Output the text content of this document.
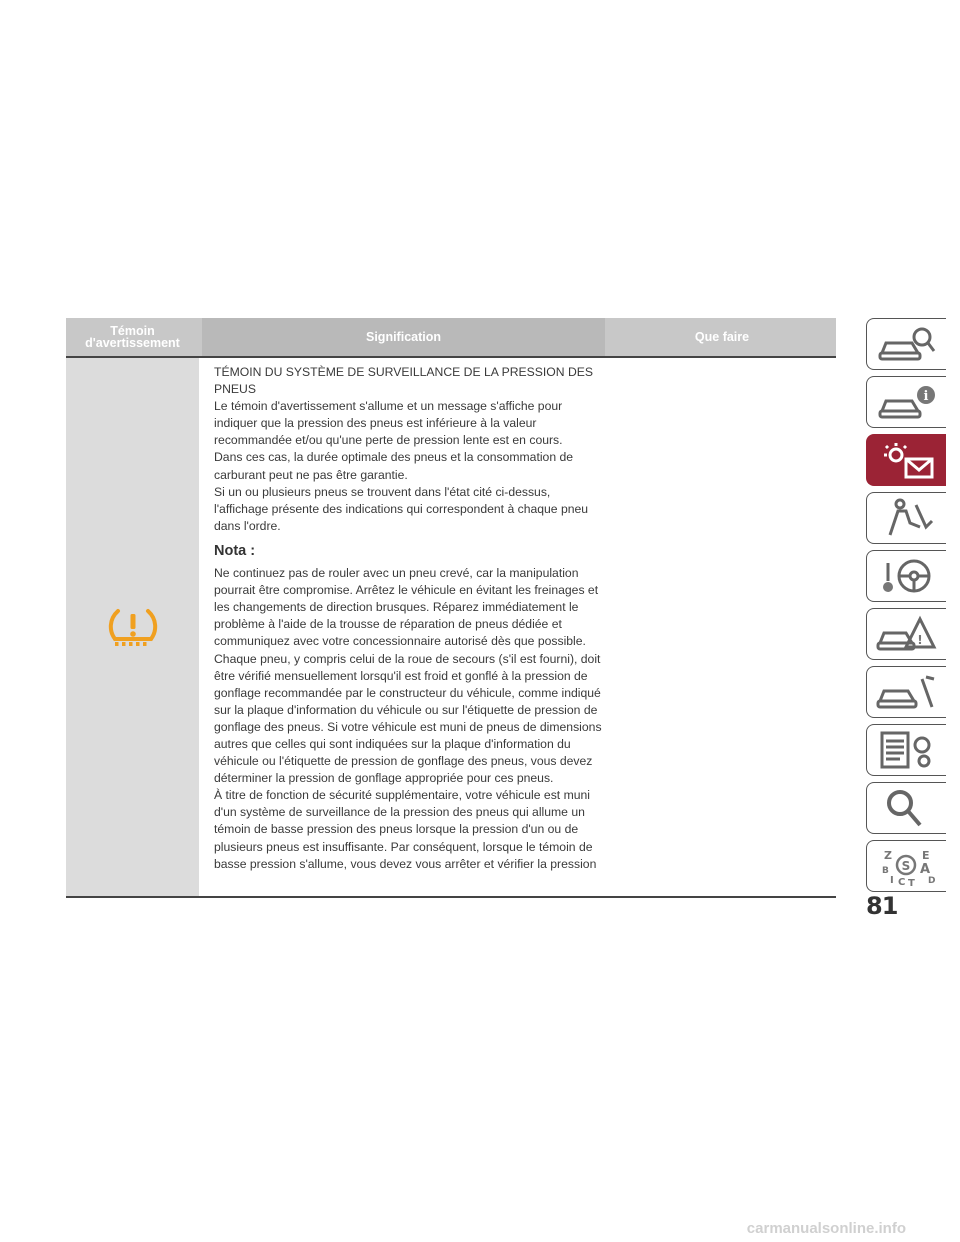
Témoin d'avertissement	Signification	Que faire

TÉMOIN DU SYSTÈME DE SURVEILLANCE DE LA PRESSION DES PNEUS

Le témoin d'avertissement s'allume et un message s'affiche pour indiquer que la pression des pneus est inférieure à la valeur recommandée et/ou qu'une perte de pression lente est en cours.

Dans ces cas, la durée optimale des pneus et la consommation de carburant peut ne pas être garantie.

Si un ou plusieurs pneus se trouvent dans l'état cité ci-dessus, l'affichage présente des indications qui correspondent à chaque pneu dans l'ordre.

Nota :

Ne continuez pas de rouler avec un pneu crevé, car la manipulation pourrait être compromise. Arrêtez le véhicule en évitant les freinages et les changements de direction brusques. Réparez immédiatement le problème à l'aide de la trousse de réparation de pneus dédiée et communiquez avec votre concessionnaire autorisé dès que possible.

Chaque pneu, y compris celui de la roue de secours (s'il est fourni), doit être vérifié mensuellement lorsqu'il est froid et gonflé à la pression de gonflage recommandée par le constructeur du véhicule, comme indiqué sur la plaque d'information du véhicule ou sur l'étiquette de pression de gonflage des pneus. Si votre véhicule est muni de pneus de dimensions autres que celles qui sont indiquées sur la plaque d'information du véhicule ou l'étiquette de pression de gonflage des pneus, vous devez déterminer la pression de gonflage appropriée pour ces pneus.

À titre de fonction de sécurité supplémentaire, votre véhicule est muni d'un système de surveillance de la pression des pneus qui allume un témoin de basse pression des pneus lorsque la pression d'un ou de plusieurs pneus est insuffisante. Par conséquent, lorsque le témoin de basse pression s'allume, vous devez vous arrêter et vérifier la pression

i
!
Z	E
B A
I C T D
S
81
carmanualsonline.info
